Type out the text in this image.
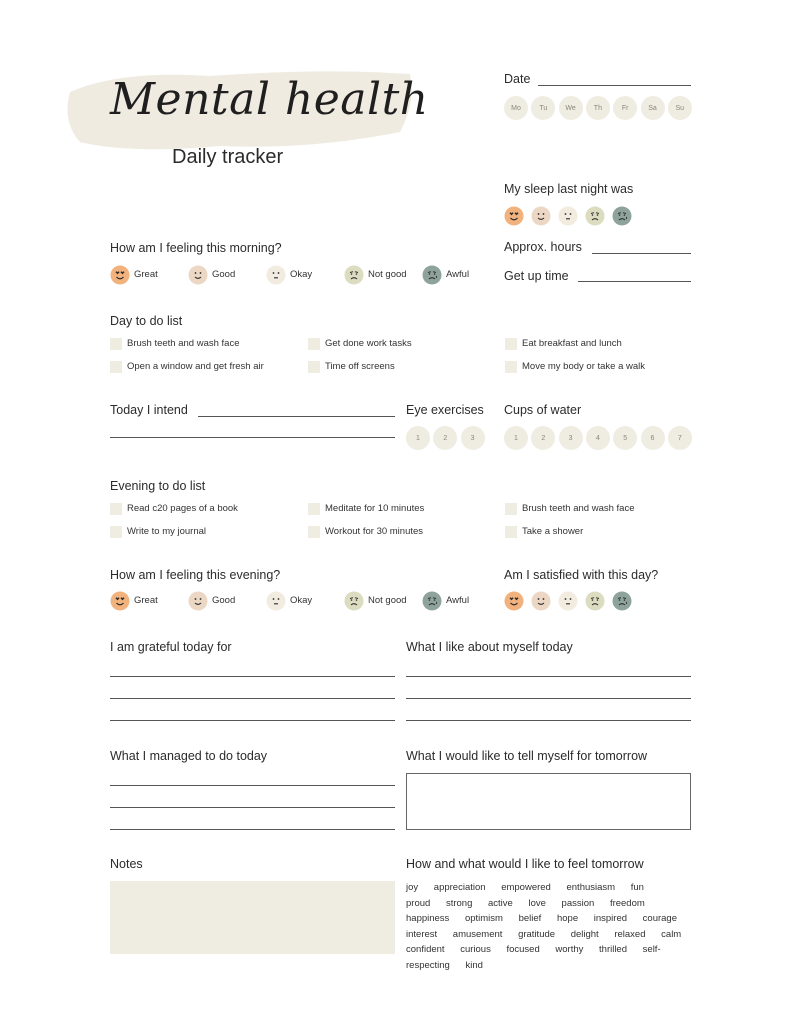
Mental health
Daily tracker
Date
Mo	Tu	We	Th	Fr	Sa	Su
My sleep last night was
Approx. hours
Get up time
How am I feeling this morning?
Great	Good	Okay	Not good	Awful
Day to do list
Brush teeth and wash face	Get done work tasks	Eat breakfast and lunch
Open a window and get fresh air	Time off screens	Move my body or take a walk
Today I intend	Eye exercises
1	2	3
Cups of water
1	2	3	4	5	6	7
Evening to do list
Read c20 pages of a book	Meditate for 10 minutes	Brush teeth and wash face
Write to my journal	Workout for 30 minutes	Take a shower
How am I feeling this evening?
Great	Good	Okay	Not good	Awful
Am I satisfied with this day?
I am grateful today for	What I like about myself today
What I managed to do today	What I would like to tell myself for tomorrow
Notes	How and what would I like to feel tomorrow
joy appreciation empowered enthusiasm fun proud strong active love passion freedom happiness optimism belief hope inspired courage interest amusement gratitude delight relaxed calm confident curious focused worthy thrilled self-respecting kind
